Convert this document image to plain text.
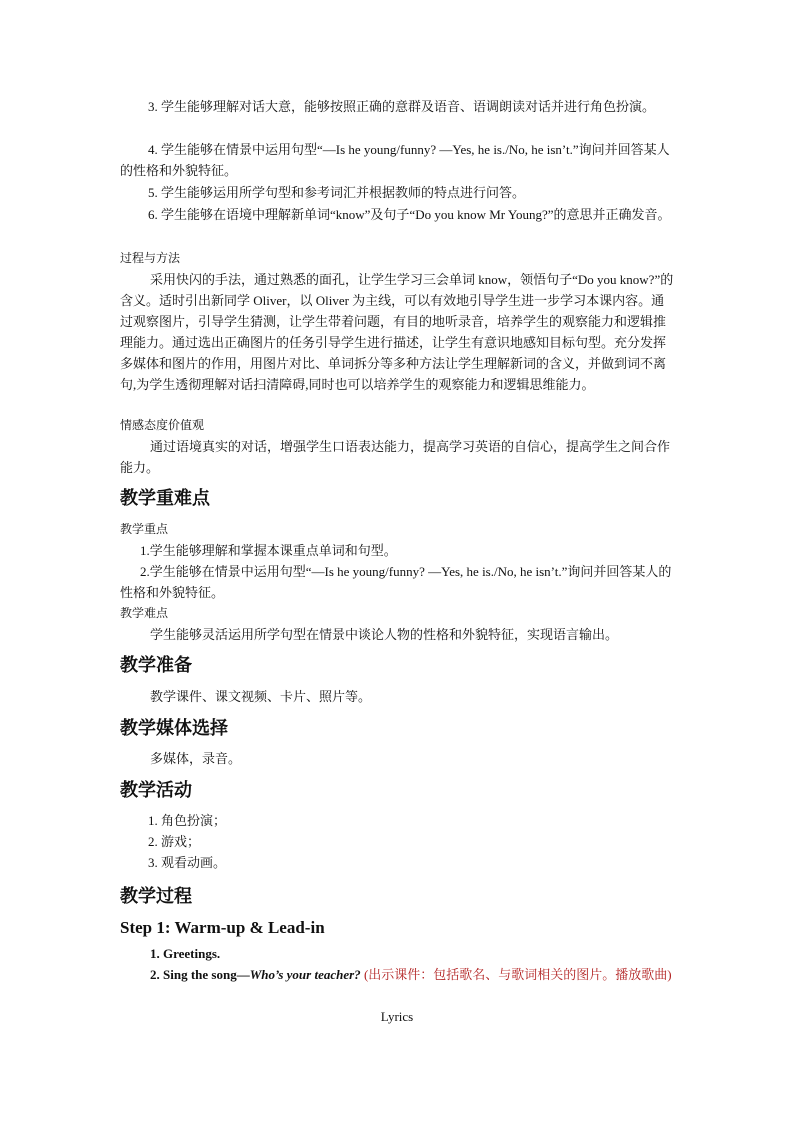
3. 学生能够理解对话大意，能够按照正确的意群及语音、语调朗读对话并进行角色扮演。
4. 学生能够在情景中运用句型“—Is he young/funny? —Yes, he is./No, he isn’t.”询问并回答某人的性格和外貌特征。
5. 学生能够运用所学句型和参考词汇并根据教师的特点进行问答。
6. 学生能够在语境中理解新单词“know”及句子“Do you know Mr Young?”的意思并正确发音。
过程与方法
采用快闪的手法，通过熟悉的面孔，让学生学习三会单词 know，领悟句子“Do you know?”的含义。适时引出新同学 Oliver，以 Oliver 为主线，可以有效地引导学生进一步学习本课内容。通过观察图片，引导学生猜测，让学生带着问题，有目的地听录音，培养学生的观察能力和逻辑推理能力。通过选出正确图片的任务引导学生进行描述，让学生有意识地感知目标句型。充分发挥多媒体和图片的作用，用图片对比、单词拆分等多种方法让学生理解新词的含义，并做到词不离句,为学生透彻理解对话扫清障碍,同时也可以培养学生的观察能力和逻辑思维能力。
情感态度价值观
通过语境真实的对话，增强学生口语表达能力，提高学习英语的自信心，提高学生之间合作能力。
教学重难点
教学重点
1.学生能够理解和掌握本课重点单词和句型。
2.学生能够在情景中运用句型“—Is he young/funny? —Yes, he is./No, he isn’t.”询问并回答某人的性格和外貌特征。
教学难点
学生能够灵活运用所学句型在情景中谈论人物的性格和外貌特征，实现语言输出。
教学准备
教学课件、课文视频、卡片、照片等。
教学媒体选择
多媒体，录音。
教学活动
1. 角色扮演；
2. 游戏；
3. 观看动画。
教学过程
Step 1: Warm-up & Lead-in
1. Greetings.
2. Sing the song—Who’s your teacher? (出示课件：包括歌名、与歌词相关的图片。播放歌曲)
Lyrics
